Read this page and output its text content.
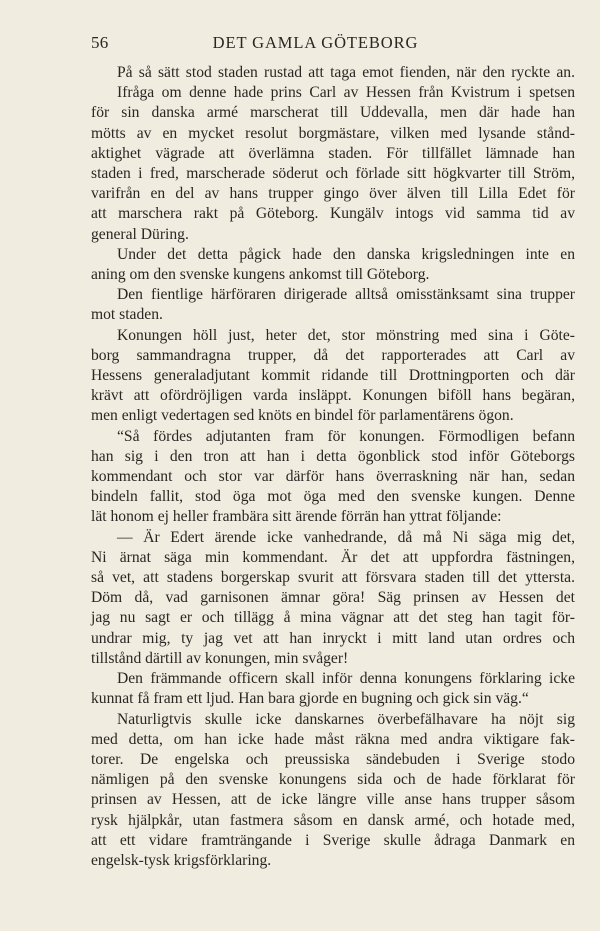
56	DET GAMLA GÖTEBORG
På så sätt stod staden rustad att taga emot fienden, när den ryckte an.
Ifråga om denne hade prins Carl av Hessen från Kvistrum i spetsen
för sin danska armé marscherat till Uddevalla, men där hade han
mötts av en mycket resolut borgmästare, vilken med lysande stånd-
aktighet vägrade att överlämna staden. För tillfället lämnade han
staden i fred, marscherade söderut och förlade sitt högkvarter till Ström,
varifrån en del av hans trupper gingo över älven till Lilla Edet för
att marschera rakt på Göteborg. Kungälv intogs vid samma tid av
general Düring.
Under det detta pågick hade den danska krigsledningen inte en
aning om den svenske kungens ankomst till Göteborg.
Den fientlige härföraren dirigerade alltså omisstänksamt sina trupper
mot staden.
Konungen höll just, heter det, stor mönstring med sina i Göte-
borg sammandragna trupper, då det rapporterades att Carl av
Hessens generaladjutant kommit ridande till Drottningporten och där
krävt att ofördröjligen varda insläppt. Konungen biföll hans begäran,
men enligt vedertagen sed knöts en bindel för parlamentärens ögon.
“Så fördes adjutanten fram för konungen. Förmodligen befann
han sig i den tron att han i detta ögonblick stod inför Göteborgs
kommendant och stor var därför hans överraskning när han, sedan
bindeln fallit, stod öga mot öga med den svenske kungen. Denne
lät honom ej heller frambära sitt ärende förrän han yttrat följande:
— Är Edert ärende icke vanhedrande, då må Ni säga mig det,
Ni ärnat säga min kommendant. Är det att uppfordra fästningen,
så vet, att stadens borgerskap svurit att försvara staden till det yttersta.
Döm då, vad garnisonen ämnar göra! Säg prinsen av Hessen det
jag nu sagt er och tillägg å mina vägnar att det steg han tagit för-
undrar mig, ty jag vet att han inryckt i mitt land utan ordres och
tillstånd därtill av konungen, min svåger!
Den främmande officern skall inför denna konungens förklaring icke
kunnat få fram ett ljud. Han bara gjorde en bugning och gick sin väg.“
Naturligtvis skulle icke danskarnes överbefälhavare ha nöjt sig
med detta, om han icke hade måst räkna med andra viktigare fak-
torer. De engelska och preussiska sändebuden i Sverige stodo
nämligen på den svenske konungens sida och de hade förklarat för
prinsen av Hessen, att de icke längre ville anse hans trupper såsom
rysk hjälpkår, utan fastmera såsom en dansk armé, och hotade med,
att ett vidare framträngande i Sverige skulle ådraga Danmark en
engelsk-tysk krigsförklaring.
